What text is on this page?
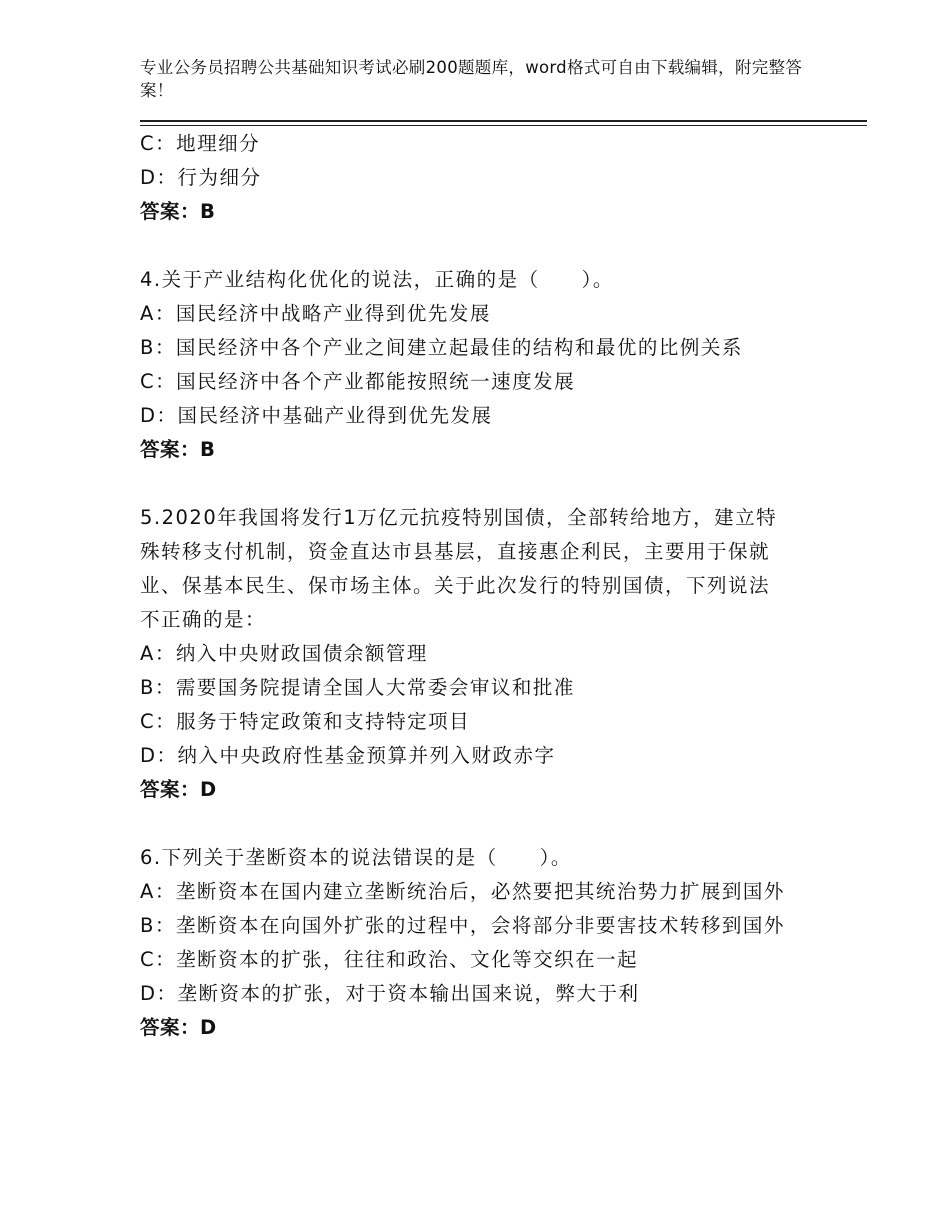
专业公务员招聘公共基础知识考试必刷200题题库，word格式可自由下载编辑，附完整答案！
C：地理细分
D：行为细分
答案：B
4.关于产业结构化优化的说法，正确的是（　　）。
A：国民经济中战略产业得到优先发展
B：国民经济中各个产业之间建立起最佳的结构和最优的比例关系
C：国民经济中各个产业都能按照统一速度发展
D：国民经济中基础产业得到优先发展
答案：B
5.2020年我国将发行1万亿元抗疫特别国债，全部转给地方，建立特
殊转移支付机制，资金直达市县基层，直接惠企利民，主要用于保就
业、保基本民生、保市场主体。关于此次发行的特别国债，下列说法
不正确的是：
A：纳入中央财政国债余额管理
B：需要国务院提请全国人大常委会审议和批准
C：服务于特定政策和支持特定项目
D：纳入中央政府性基金预算并列入财政赤字
答案：D
6.下列关于垄断资本的说法错误的是（　　）。
A：垄断资本在国内建立垄断统治后，必然要把其统治势力扩展到国外
B：垄断资本在向国外扩张的过程中，会将部分非要害技术转移到国外
C：垄断资本的扩张，往往和政治、文化等交织在一起
D：垄断资本的扩张，对于资本输出国来说，弊大于利
答案：D
